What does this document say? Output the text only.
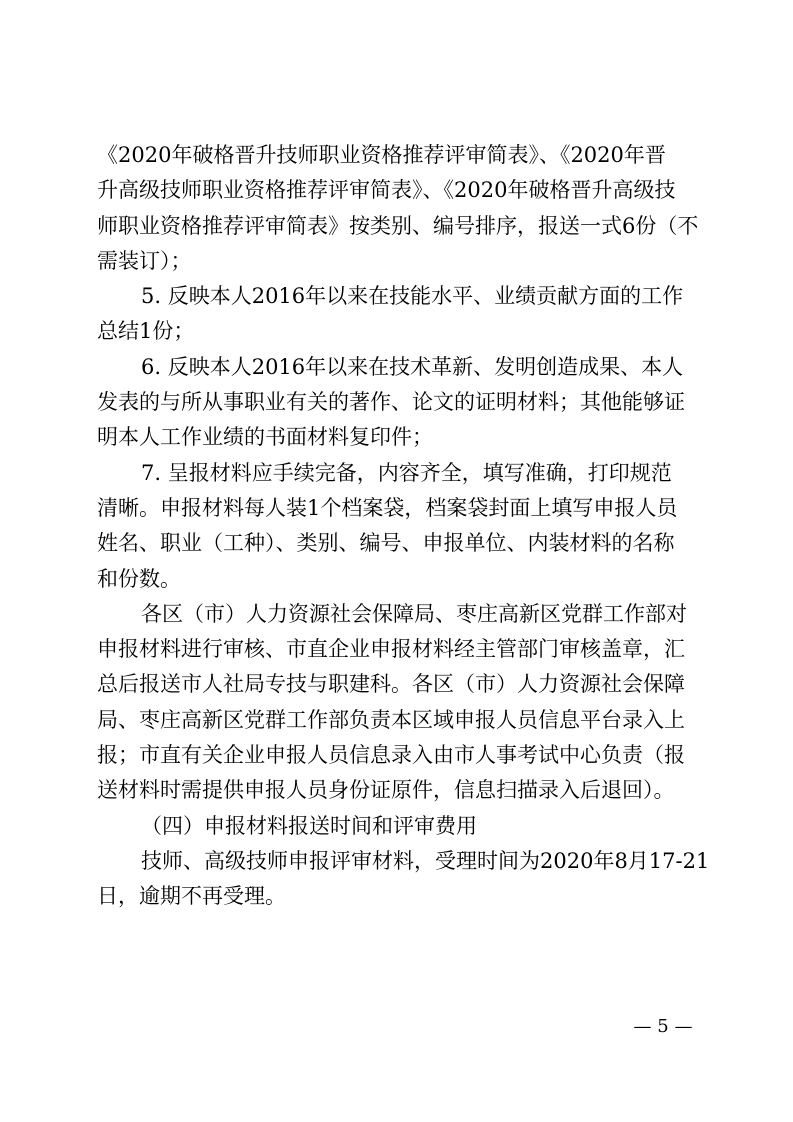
《2020年破格晋升技师职业资格推荐评审简表》、《2020年晋
升高级技师职业资格推荐评审简表》、《2020年破格晋升高级技
师职业资格推荐评审简表》按类别、编号排序，报送一式6份（不
需装订）；
5. 反映本人2016年以来在技能水平、业绩贡献方面的工作
总结1份；
6. 反映本人2016年以来在技术革新、发明创造成果、本人
发表的与所从事职业有关的著作、论文的证明材料；其他能够证
明本人工作业绩的书面材料复印件；
7. 呈报材料应手续完备，内容齐全，填写准确，打印规范
清晰。申报材料每人装1个档案袋，档案袋封面上填写申报人员
姓名、职业（工种）、类别、编号、申报单位、内装材料的名称
和份数。
各区（市）人力资源社会保障局、枣庄高新区党群工作部对
申报材料进行审核、市直企业申报材料经主管部门审核盖章，汇
总后报送市人社局专技与职建科。各区（市）人力资源社会保障
局、枣庄高新区党群工作部负责本区域申报人员信息平台录入上
报；市直有关企业申报人员信息录入由市人事考试中心负责（报
送材料时需提供申报人员身份证原件，信息扫描录入后退回）。
（四）申报材料报送时间和评审费用
技师、高级技师申报评审材料，受理时间为2020年8月17-21
日，逾期不再受理。
— 5 —
